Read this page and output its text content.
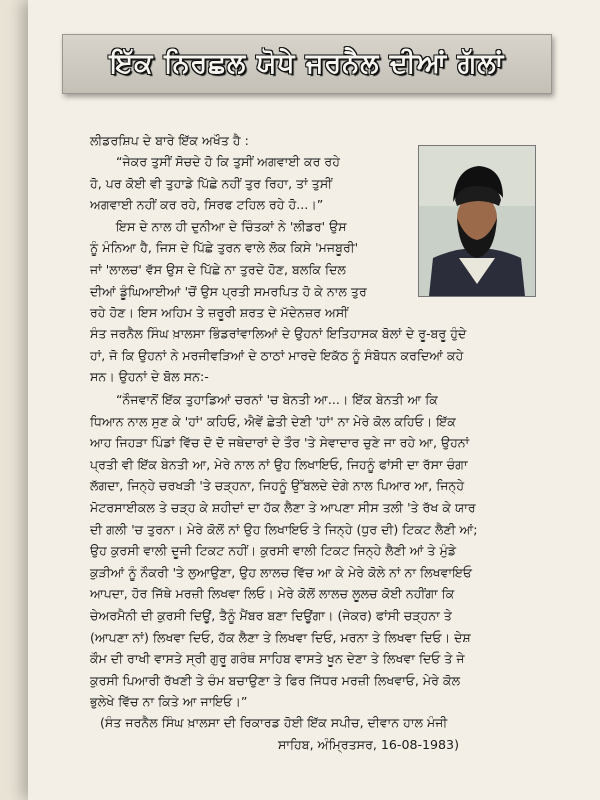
ਇੱਕ ਨਿਰਛਲ ਯੋਧੇ ਜਰਨੈਲ ਦੀਆਂ ਗੱਲਾਂ
ਲੀਡਰਸ਼ਿਪ ਦੇ ਬਾਰੇ ਇੱਕ ਅਖੌਤ ਹੈ :
“ਜੇਕਰ ਤੁਸੀਂ ਸੋਚਦੇ ਹੋ ਕਿ ਤੁਸੀਂ ਅਗਵਾਈ ਕਰ ਰਹੇ
ਹੋ, ਪਰ ਕੋਈ ਵੀ ਤੁਹਾਡੇ ਪਿੱਛੇ ਨਹੀਂ ਤੁਰ ਰਿਹਾ, ਤਾਂ ਤੁਸੀਂ
ਅਗਵਾਈ ਨਹੀਂ ਕਰ ਰਹੇ, ਸਿਰਫ ਟਹਿਲ ਰਹੇ ਹੋ...।”
ਇਸ ਦੇ ਨਾਲ ਹੀ ਦੁਨੀਆ ਦੇ ਚਿੰਤਕਾਂ ਨੇ 'ਲੀਡਰ' ਉਸ
ਨੂੰ ਮੰਨਿਆ ਹੈ, ਜਿਸ ਦੇ ਪਿੱਛੇ ਤੁਰਨ ਵਾਲੇ ਲੋਕ ਕਿਸੇ 'ਮਜਬੂਰੀ'
ਜਾਂ 'ਲਾਲਚ' ਵੱਸ ਉਸ ਦੇ ਪਿੱਛੇ ਨਾ ਤੁਰਦੇ ਹੋਣ, ਬਲਕਿ ਦਿਲ
ਦੀਆਂ ਡੂੰਘਿਆਈਆਂ 'ਚੋਂ ਉਸ ਪ੍ਰਤੀ ਸਮਰਪਿਤ ਹੋ ਕੇ ਨਾਲ ਤੁਰ
ਰਹੇ ਹੋਣ। ਇਸ ਅਹਿਮ ਤੇ ਜ਼ਰੂਰੀ ਸ਼ਰਤ ਦੇ ਮੱਦੇਨਜ਼ਰ ਅਸੀਂ
ਸੰਤ ਜਰਨੈਲ ਸਿੰਘ ਖ਼ਾਲਸਾ ਭਿੰਡਰਾਂਵਾਲਿਆਂ ਦੇ ਉਹਨਾਂ ਇਤਿਹਾਸਕ ਬੋਲਾਂ ਦੇ ਰੂ-ਬਰੂ ਹੁੰਦੇ
ਹਾਂ, ਜੋ ਕਿ ਉਹਨਾਂ ਨੇ ਮਰਜੀਵੜਿਆਂ ਦੇ ਠਾਠਾਂ ਮਾਰਦੇ ਇਕੱਠ ਨੂੰ ਸੰਬੋਧਨ ਕਰਦਿਆਂ ਕਹੇ
ਸਨ। ਉਹਨਾਂ ਦੇ ਬੋਲ ਸਨ:-
“ਨੌਜਵਾਨੋਂ ਇੱਕ ਤੁਹਾਡਿਆਂ ਚਰਨਾਂ 'ਚ ਬੇਨਤੀ ਆ...। ਇੱਕ ਬੇਨਤੀ ਆ ਕਿ
ਧਿਆਨ ਨਾਲ ਸੁਣ ਕੇ 'ਹਾਂ' ਕਹਿਓ, ਐਵੇਂ ਛੇਤੀ ਦੇਣੀ 'ਹਾਂ' ਨਾ ਮੇਰੇ ਕੋਲ ਕਹਿਓ। ਇੱਕ
ਆਹ ਜਿਹੜਾ ਪਿੰਡਾਂ ਵਿੱਚ ਦੋ ਦੋ ਜਥੇਦਾਰਾਂ ਦੇ ਤੌਰ 'ਤੇ ਸੇਵਾਦਾਰ ਚੁਣੇ ਜਾ ਰਹੇ ਆ, ਉਹਨਾਂ
ਪ੍ਰਤੀ ਵੀ ਇੱਕ ਬੇਨਤੀ ਆ, ਮੇਰੇ ਨਾਲ ਨਾਂ ਉਹ ਲਿਖਾਇਓ, ਜਿਹਨੂੰ ਫਾਂਸੀ ਦਾ ਰੱਸਾ ਚੰਗਾ
ਲੱਗਦਾ, ਜਿਨ੍ਹੇ ਚਰਖੜੀ 'ਤੇ ਚੜ੍ਹਨਾ, ਜਿਹਨੂੰ ਉੱਬਲਦੇ ਦੇਗੇ ਨਾਲ ਪਿਆਰ ਆ, ਜਿਨ੍ਹੇ
ਮੋਟਰਸਾਈਕਲ ਤੇ ਚੜ੍ਹ ਕੇ ਸ਼ਹੀਦਾਂ ਦਾ ਹੱਕ ਲੈਣਾ ਤੇ ਆਪਣਾ ਸੀਸ ਤਲੀ 'ਤੇ ਰੱਖ ਕੇ ਯਾਰ
ਦੀ ਗਲੀ 'ਚ ਤੁਰਨਾ। ਮੇਰੇ ਕੋਲੋਂ ਨਾਂ ਉਹ ਲਿਖਾਇਓ ਤੇ ਜਿਨ੍ਹੇ (ਧੁਰ ਦੀ) ਟਿਕਟ ਲੈਣੀ ਆਂ;
ਉਹ ਕੁਰਸੀ ਵਾਲੀ ਦੂਜੀ ਟਿਕਟ ਨਹੀਂ। ਕੁਰਸੀ ਵਾਲੀ ਟਿਕਟ ਜਿਨ੍ਹੇ ਲੈਣੀ ਆਂ ਤੇ ਮੁੰਡੇ
ਕੁੜੀਆਂ ਨੂੰ ਨੌਕਰੀ 'ਤੇ ਲੁਆਉਣਾ, ਉਹ ਲਾਲਚ ਵਿੱਚ ਆ ਕੇ ਮੇਰੇ ਕੋਲੇ ਨਾਂ ਨਾ ਲਿਖਵਾਇਓ
ਆਪਦਾ, ਹੋਰ ਜਿੱਥੇ ਮਰਜ਼ੀ ਲਿਖਵਾ ਲਿਓ। ਮੇਰੇ ਕੋਲੋਂ ਲਾਲਚ ਲੂਲਚ ਕੋਈ ਨਹੀਂਗਾ ਕਿ
ਚੇਅਰਮੈਨੀ ਦੀ ਕੁਰਸੀ ਦਿਊਂ, ਤੈਨੂੰ ਮੈਂਬਰ ਬਣਾ ਦਿਊਂਗਾ। (ਜੇਕਰ) ਫਾਂਸੀ ਚੜ੍ਹਨਾ ਤੇ
(ਆਪਣਾ ਨਾਂ) ਲਿਖਵਾ ਦਿਓ, ਹੱਕ ਲੈਣਾ ਤੇ ਲਿਖਵਾ ਦਿਓ, ਮਰਨਾ ਤੇ ਲਿਖਵਾ ਦਿਓ। ਦੇਸ਼
ਕੌਮ ਦੀ ਰਾਖੀ ਵਾਸਤੇ ਸ੍ਰੀ ਗੁਰੂ ਗਰੰਥ ਸਾਹਿਬ ਵਾਸਤੇ ਖੂਨ ਦੇਣਾ ਤੇ ਲਿਖਵਾ ਦਿਓ ਤੇ ਜੇ
ਕੁਰਸੀ ਪਿਆਰੀ ਰੱਖਣੀ ਤੇ ਚੰਮ ਬਚਾਉਣਾ ਤੇ ਫਿਰ ਜਿੱਧਰ ਮਰਜ਼ੀ ਲਿਖਵਾਓ, ਮੇਰੇ ਕੋਲ
ਭੁਲੇਖੇ ਵਿੱਚ ਨਾ ਕਿਤੇ ਆ ਜਾਇਓ।”
(ਸੰਤ ਜਰਨੈਲ ਸਿੰਘ ਖ਼ਾਲਸਾ ਦੀ ਰਿਕਾਰਡ ਹੋਈ ਇੱਕ ਸਪੀਚ, ਦੀਵਾਨ ਹਾਲ ਮੰਜੀ
ਸਾਹਿਬ, ਅੰਮ੍ਰਿਤਸਰ, 16-08-1983)
